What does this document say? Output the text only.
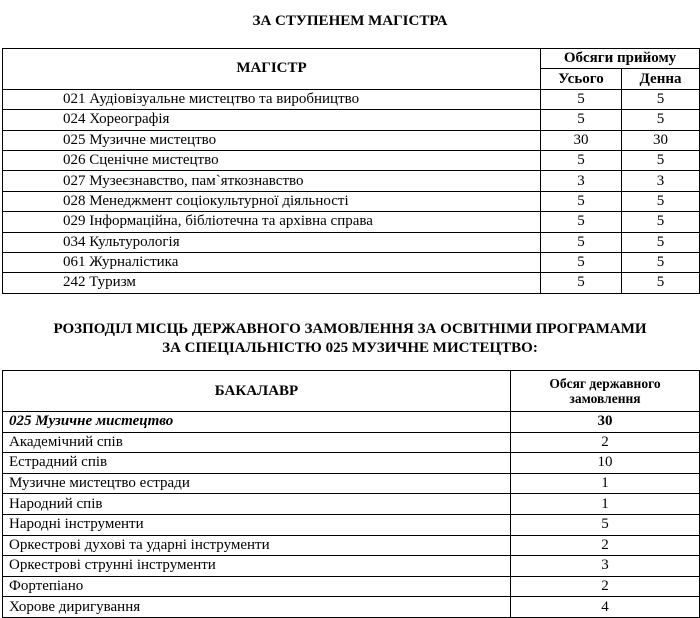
ЗА СТУПЕНЕМ МАГІСТРА
МАГІСТР	Обсяги прийому	
	Усього	Денна
021 Аудіовізуальне мистецтво та виробництво	5	5
024 Хореографія	5	5
025 Музичне мистецтво	30	30
026 Сценічне мистецтво	5	5
027 Музеєзнавство, пам`яткознавство	3	3
028 Менеджмент соціокультурної діяльності	5	5
029 Інформаційна, бібліотечна та архівна справа	5	5
034 Культурологія	5	5
061 Журналістика	5	5
242 Туризм	5	5
РОЗПОДІЛ МІСЦЬ ДЕРЖАВНОГО ЗАМОВЛЕННЯ ЗА ОСВІТНІМИ ПРОГРАМАМИ
ЗА СПЕЦІАЛЬНІСТЮ 025 МУЗИЧНЕ МИСТЕЦТВО:
БАКАЛАВР	Обсяг державного
замовлення

025 Музичне мистецтво	30
Академічний спів	2
Естрадний спів	10
Музичне мистецтво естради	1
Народний спів	1
Народні інструменти	5
Оркестрові духові та ударні інструменти	2
Оркестрові струнні інструменти	3
Фортепіано	2
Хорове диригування	4
